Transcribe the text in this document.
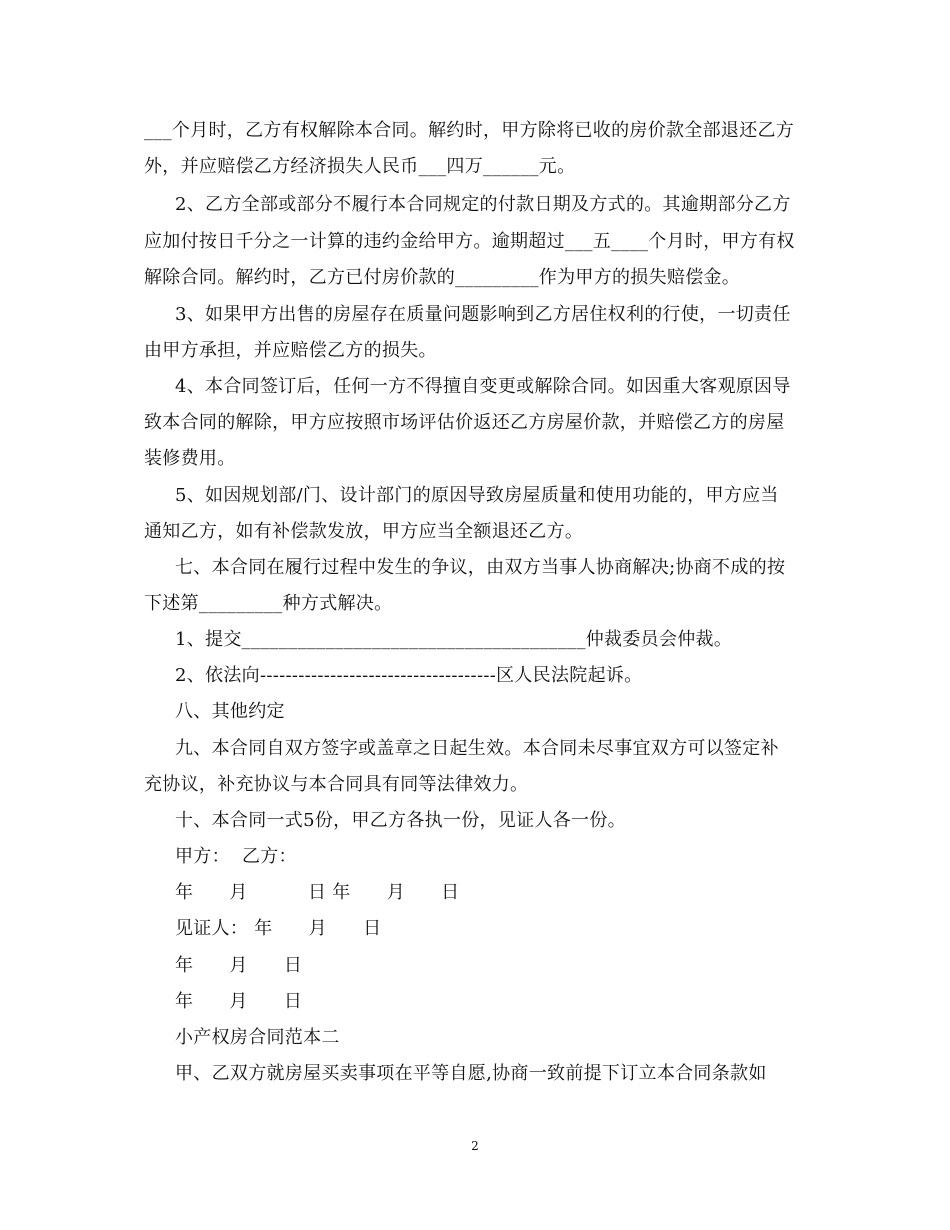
___个月时，乙方有权解除本合同。解约时，甲方除将已收的房价款全部退还乙方
外，并应赔偿乙方经济损失人民币___四万______元。
2、乙方全部或部分不履行本合同规定的付款日期及方式的。其逾期部分乙方
应加付按日千分之一计算的违约金给甲方。逾期超过___五____个月时，甲方有权
解除合同。解约时，乙方已付房价款的_________作为甲方的损失赔偿金。
3、如果甲方出售的房屋存在质量问题影响到乙方居住权利的行使，一切责任
由甲方承担，并应赔偿乙方的损失。
4、本合同签订后，任何一方不得擅自变更或解除合同。如因重大客观原因导
致本合同的解除，甲方应按照市场评估价返还乙方房屋价款，并赔偿乙方的房屋
装修费用。
5、如因规划部/门、设计部门的原因导致房屋质量和使用功能的，甲方应当
通知乙方，如有补偿款发放，甲方应当全额退还乙方。
七、本合同在履行过程中发生的争议，由双方当事人协商解决;协商不成的按
下述第_________种方式解决。
1、提交_____________________________________仲裁委员会仲裁。
2、依法向-------------------------------------区人民法院起诉。
八、其他约定
九、本合同自双方签字或盖章之日起生效。本合同未尽事宜双方可以签定补
充协议，补充协议与本合同具有同等法律效力。
十、本合同一式5份，甲乙方各执一份，见证人各一份。
甲方：  乙方：
年      月          日 年      月      日
见证人： 年      月      日
年      月      日
年      月      日
小产权房合同范本二
甲、乙双方就房屋买卖事项在平等自愿,协商一致前提下订立本合同条款如
2
